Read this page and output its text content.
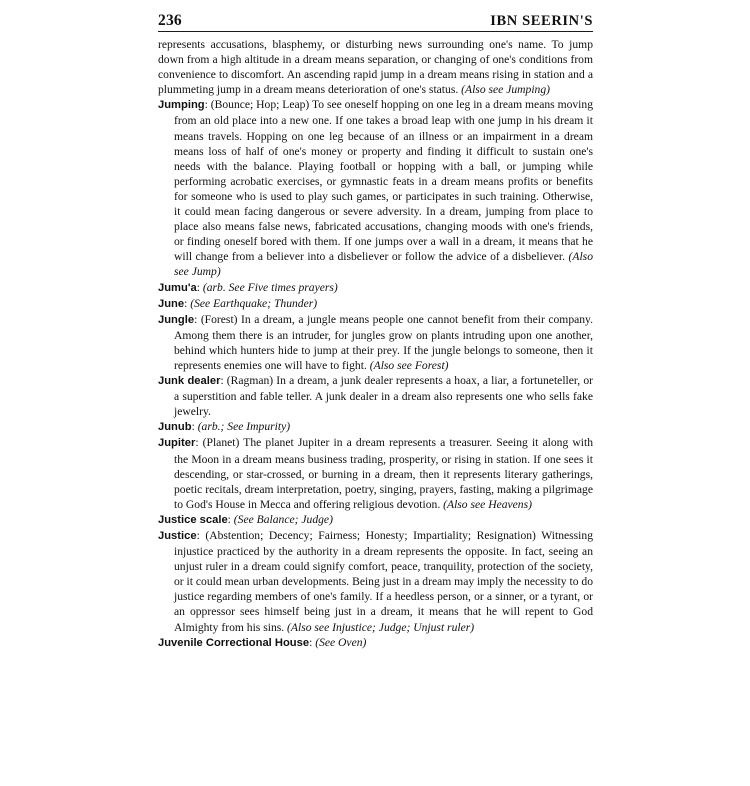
236	IBN SEERIN'S

represents accusations, blasphemy, or disturbing news surrounding one's name. To jump down from a high altitude in a dream means separation, or changing of one's conditions from convenience to discomfort. An ascending rapid jump in a dream means rising in station and a plummeting jump in a dream means deterioration of one's status. (Also see Jumping)

Jumping: (Bounce; Hop; Leap) To see oneself hopping on one leg in a dream means moving from an old place into a new one. If one takes a broad leap with one jump in his dream it means travels. Hopping on one leg because of an illness or an impairment in a dream means loss of half of one's money or property and finding it difficult to sustain one's needs with the balance. Playing football or hopping with a ball, or jumping while performing acrobatic exercises, or gymnastic feats in a dream means profits or benefits for someone who is used to play such games, or participates in such training. Otherwise, it could mean facing dangerous or severe adversity. In a dream, jumping from place to place also means false news, fabricated accusations, changing moods with one's friends, or finding oneself bored with them. If one jumps over a wall in a dream, it means that he will change from a believer into a disbeliever or follow the advice of a disbeliever. (Also see Jump)

Jumu'a: (arb. See Five times prayers)

June: (See Earthquake; Thunder)

Jungle: (Forest) In a dream, a jungle means people one cannot benefit from their company. Among them there is an intruder, for jungles grow on plants intruding upon one another, behind which hunters hide to jump at their prey. If the jungle belongs to someone, then it represents enemies one will have to fight. (Also see Forest)

Junk dealer: (Ragman) In a dream, a junk dealer represents a hoax, a liar, a fortuneteller, or a superstition and fable teller. A junk dealer in a dream also represents one who sells fake jewelry.

Junub: (arb.; See Impurity)

Jupiter: (Planet) The planet Jupiter in a dream represents a treasurer. Seeing it along with the Moon in a dream means business trading, prosperity, or rising in station. If one sees it descending, or star-crossed, or burning in a dream, then it represents literary gatherings, poetic recitals, dream interpretation, poetry, singing, prayers, fasting, making a pilgrimage to God's House in Mecca and offering religious devotion. (Also see Heavens)

Justice scale: (See Balance; Judge)

Justice: (Abstention; Decency; Fairness; Honesty; Impartiality; Resignation) Witnessing injustice practiced by the authority in a dream represents the opposite. In fact, seeing an unjust ruler in a dream could signify comfort, peace, tranquility, protection of the society, or it could mean urban developments. Being just in a dream may imply the necessity to do justice regarding members of one's family. If a heedless person, or a sinner, or a tyrant, or an oppressor sees himself being just in a dream, it means that he will repent to God Almighty from his sins. (Also see Injustice; Judge; Unjust ruler)

Juvenile Correctional House: (See Oven)
